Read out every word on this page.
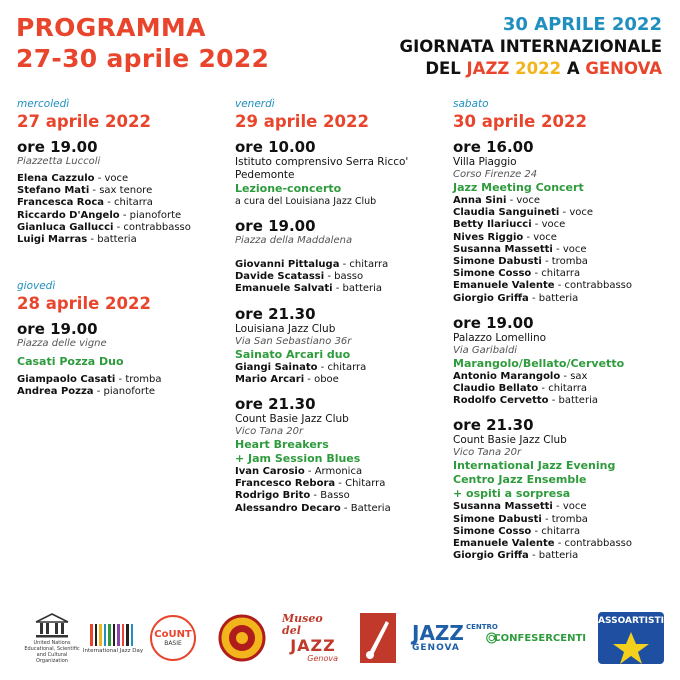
PROGRAMMA
27-30 aprile 2022
30 APRILE 2022
GIORNATA INTERNAZIONALE
DEL JAZZ 2022 A GENOVA
mercoledì
27 aprile 2022
ore 19.00
Piazzetta Luccoli
Elena Cazzulo - voce
Stefano Mati - sax tenore
Francesca Roca - chitarra
Riccardo D'Angelo - pianoforte
Gianluca Gallucci - contrabbasso
Luigi Marras - batteria
giovedì
28 aprile 2022
ore 19.00
Piazza delle vigne
Casati Pozza Duo
Giampaolo Casati - tromba
Andrea Pozza - pianoforte
venerdì
29 aprile 2022
ore 10.00
Istituto comprensivo Serra Ricco'
Pedemonte
Lezione-concerto
a cura del Louisiana Jazz Club
ore 19.00
Piazza della Maddalena
Giovanni Pittaluga - chitarra
Davide Scatassi - basso
Emanuele Salvati - batteria
ore 21.30
Louisiana Jazz Club
Via San Sebastiano 36r
Sainato Arcari duo
Giangi Sainato - chitarra
Mario Arcari - oboe
ore 21.30
Count Basie Jazz Club
Vico Tana 20r
Heart Breakers
+ Jam Session Blues
Ivan Carosio - Armonica
Francesco Rebora - Chitarra
Rodrigo Brito - Basso
Alessandro Decaro - Batteria
sabato
30 aprile 2022
ore 16.00
Villa Piaggio
Corso Firenze 24
Jazz Meeting Concert
Anna Sini - voce
Claudia Sanguineti - voce
Betty Ilariucci - voce
Nives Riggio - voce
Susanna Massetti - voce
Simone Dabusti - tromba
Simone Cosso - chitarra
Emanuele Valente - contrabbasso
Giorgio Griffa - batteria
ore 19.00
Palazzo Lomellino
Via Garibaldi
Marangolo/Bellato/Cervetto
Antonio Marangolo - sax
Claudio Bellato - chitarra
Rodolfo Cervetto - batteria
ore 21.30
Count Basie Jazz Club
Vico Tana 20r
International Jazz Evening
Centro Jazz Ensemble
+ ospiti a sorpresa
Susanna Massetti - voce
Simone Dabusti - tromba
Simone Cosso - chitarra
Emanuele Valente - contrabbasso
Giorgio Griffa - batteria
United Nations Educational, Scientific and Cultural Organization
International Jazz Day
CoUNT
BASIE
Museo del
JAZZ
Genova
JAZZ CENTRO
GENOVA
CONFESERCENTI
ASSOARTISTI
